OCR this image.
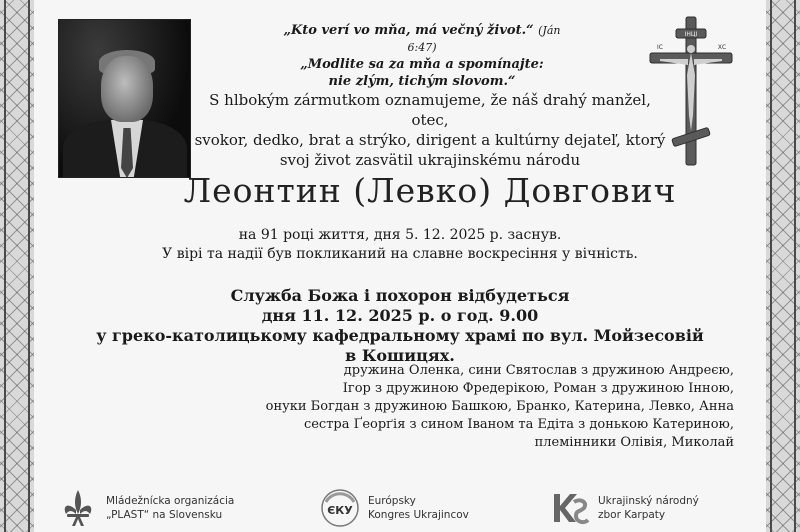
„Kto verí vo mňa, má večný život.“ (Ján 6:47)
„Modlite sa za mňa a spomínajte:
nie zlým, tichým slovom.“
S hlbokým zármutkom oznamujeme, že náš drahý manžel, otec,
svokor, dedko, brat a strýko, dirigent a kultúrny dejateľ, ktorý
svoj život zasvätil ukrajinskému národu
ІНЦІ
ІС	ХС
Леонтин (Левко) Довгович
на 91 році життя, дня 5. 12. 2025 р. заснув.
У вірі та надії був покликаний на славне воскресіння у вічність.
Служба Божа і похорон відбудеться
дня 11. 12. 2025 р. о год. 9.00
у греко-католицькому кафедральному храмі по вул. Мойзесовій в Кошицях.
дружина Оленка, сини Святослав з дружиною Андреєю,
Ігор з дружиною Фредерікою, Роман з дружиною Інною,
онуки Богдан з дружиною Башкою, Бранко, Катерина, Левко, Анна
сестра Ґеорґія з сином Іваном та Едіта з донькою Катериною,
племінники Олівія, Миколай
Mládežnícka organizácia
„PLAST“ na Slovensku	ЄКУ
Európsky
Kongres Ukrajincov
Ukrajinský národný
zbor Karpaty
